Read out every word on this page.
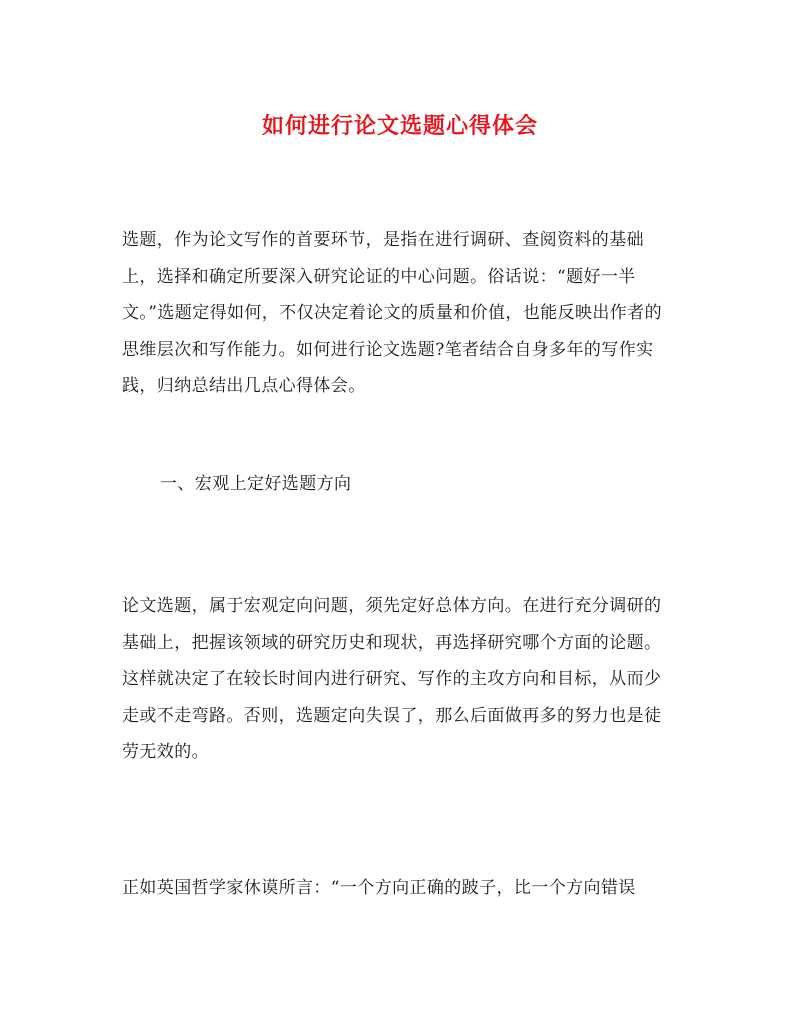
如何进行论文选题心得体会

选题，作为论文写作的首要环节，是指在进行调研、查阅资料的基础上，选择和确定所要深入研究论证的中心问题。俗话说：“题好一半文。”选题定得如何，不仅决定着论文的质量和价值，也能反映出作者的思维层次和写作能力。如何进行论文选题?笔者结合自身多年的写作实践，归纳总结出几点心得体会。

一、宏观上定好选题方向

论文选题，属于宏观定向问题，须先定好总体方向。在进行充分调研的基础上，把握该领域的研究历史和现状，再选择研究哪个方面的论题。这样就决定了在较长时间内进行研究、写作的主攻方向和目标，从而少走或不走弯路。否则，选题定向失误了，那么后面做再多的努力也是徒劳无效的。

正如英国哲学家休谟所言：“一个方向正确的跛子，比一个方向错误
